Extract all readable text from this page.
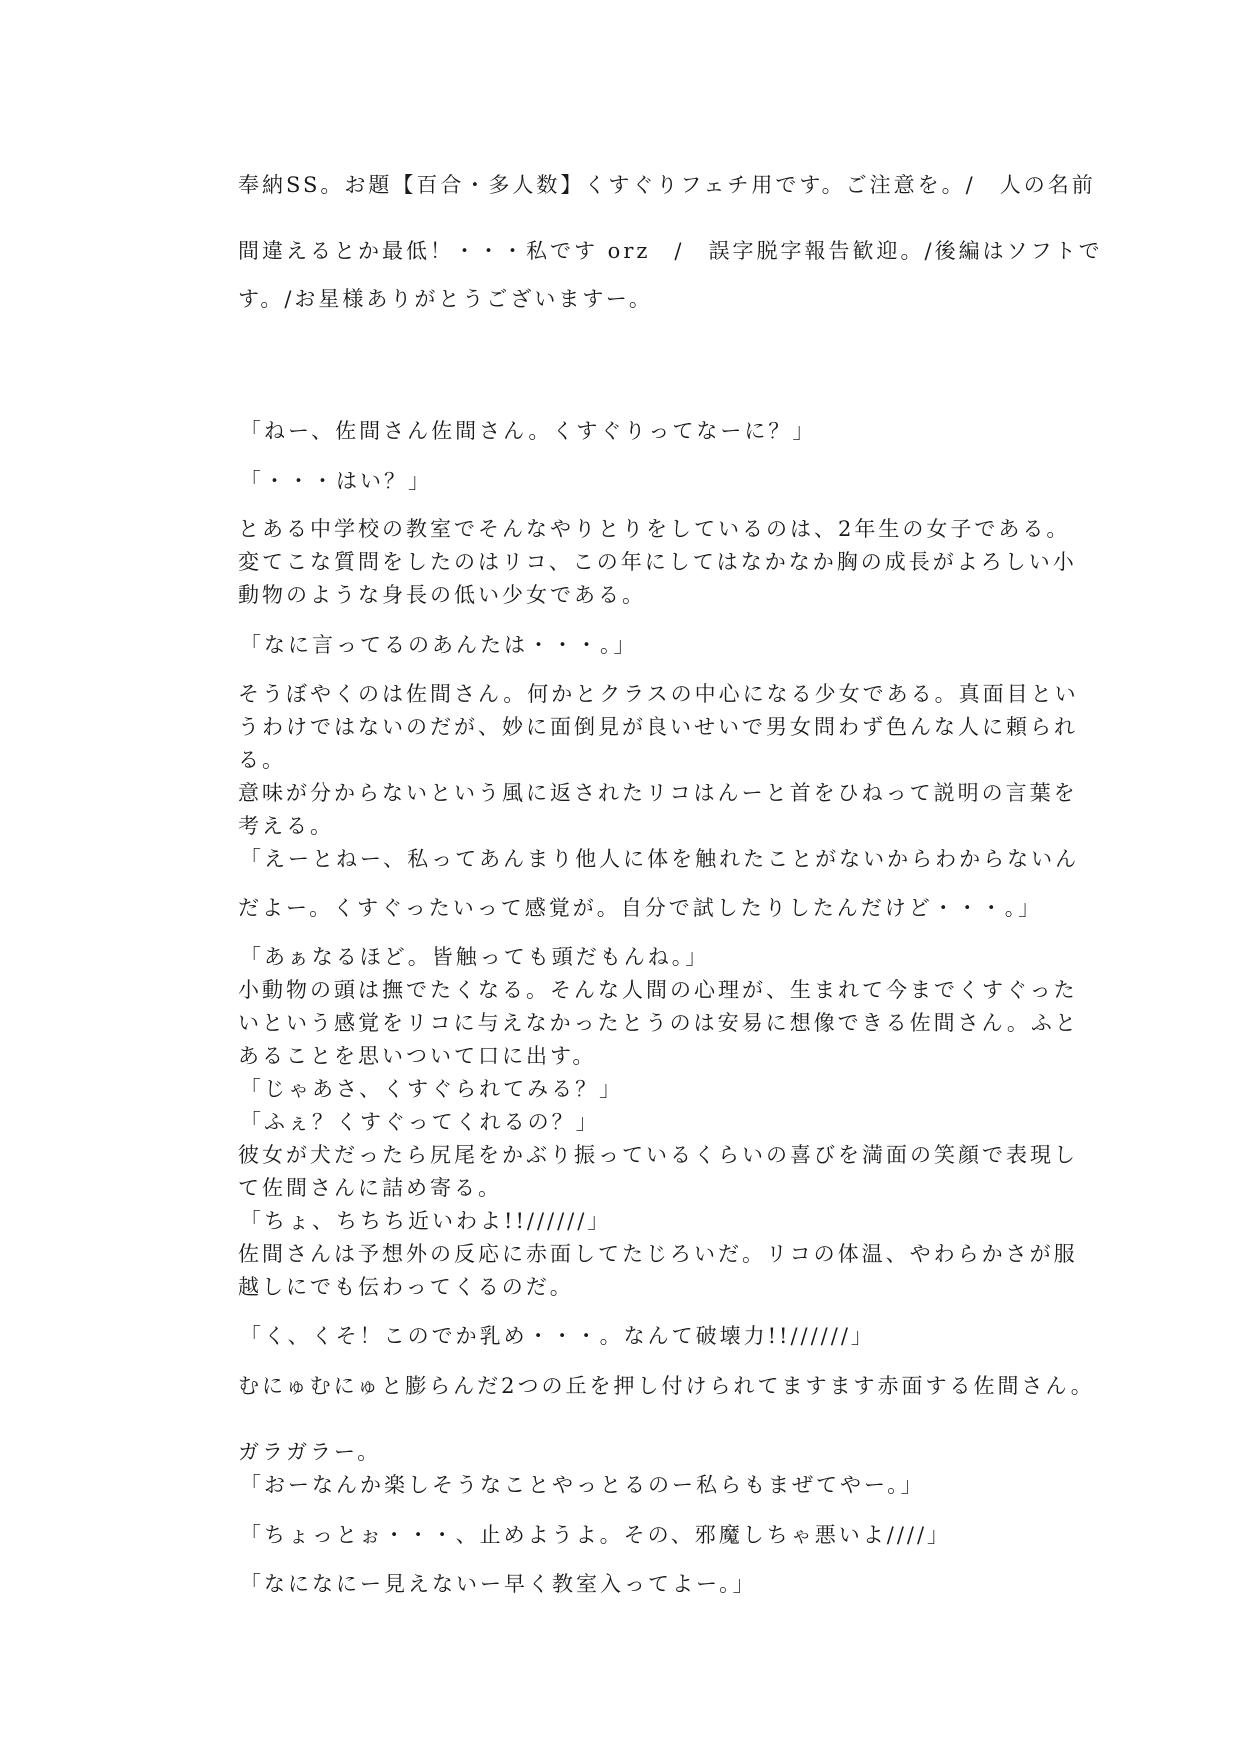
奉納SS。お題【百合・多人数】くすぐりフェチ用です。ご注意を。/　人の名前
間違えるとか最低！・・・私です orz　/　誤字脱字報告歓迎。/後編はソフトで
す。/お星様ありがとうございますー。
「ねー、佐間さん佐間さん。くすぐりってなーに？」
「・・・はい？」
とある中学校の教室でそんなやりとりをしているのは、2年生の女子である。
変てこな質問をしたのはリコ、この年にしてはなかなか胸の成長がよろしい小
動物のような身長の低い少女である。
「なに言ってるのあんたは・・・。」
そうぼやくのは佐間さん。何かとクラスの中心になる少女である。真面目とい
うわけではないのだが、妙に面倒見が良いせいで男女問わず色んな人に頼られ
る。
意味が分からないという風に返されたリコはんーと首をひねって説明の言葉を
考える。
「えーとねー、私ってあんまり他人に体を触れたことがないからわからないん
だよー。くすぐったいって感覚が。自分で試したりしたんだけど・・・。」
「あぁなるほど。皆触っても頭だもんね。」
小動物の頭は撫でたくなる。そんな人間の心理が、生まれて今までくすぐった
いという感覚をリコに与えなかったとうのは安易に想像できる佐間さん。ふと
あることを思いついて口に出す。
「じゃあさ、くすぐられてみる？」
「ふぇ？くすぐってくれるの？」
彼女が犬だったら尻尾をかぶり振っているくらいの喜びを満面の笑顔で表現し
て佐間さんに詰め寄る。
「ちょ、ちちち近いわよ!!//////」
佐間さんは予想外の反応に赤面してたじろいだ。リコの体温、やわらかさが服
越しにでも伝わってくるのだ。
「く、くそ！このでか乳め・・・。なんて破壊力!!//////」
むにゅむにゅと膨らんだ2つの丘を押し付けられてますます赤面する佐間さん。
ガラガラー。
「おーなんか楽しそうなことやっとるのー私らもまぜてやー。」
「ちょっとぉ・・・、止めようよ。その、邪魔しちゃ悪いよ////」
「なになにー見えないー早く教室入ってよー。」
